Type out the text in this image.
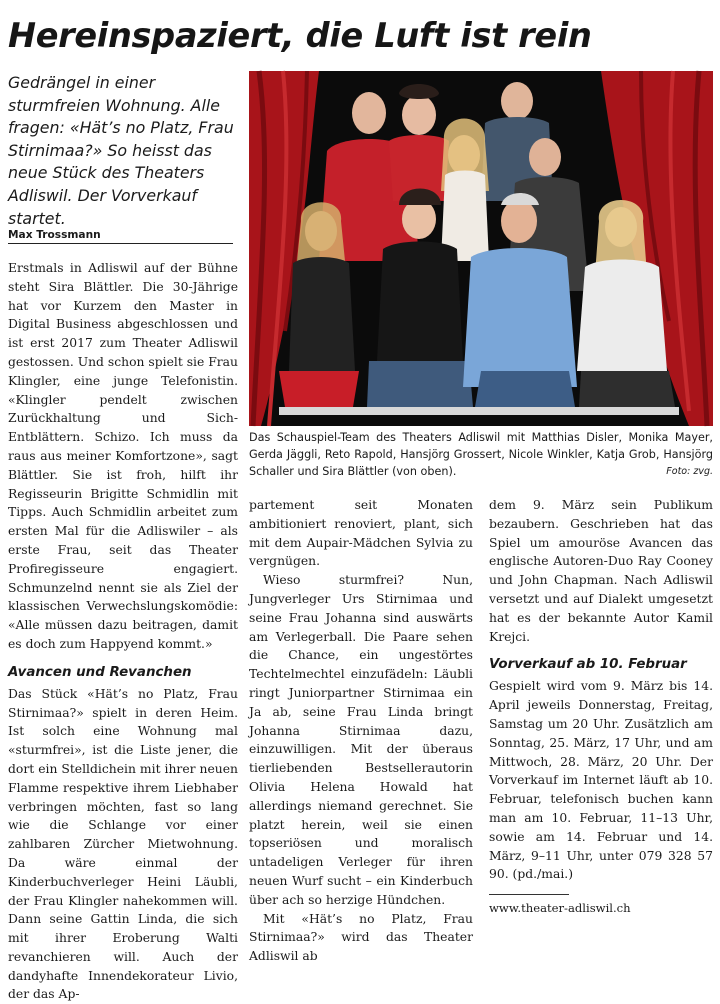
Hereinspaziert, die Luft ist rein
Gedrängel in einer sturmfreien Wohnung. Alle fragen: «Hät’s no Platz, Frau Stirnimaa?» So heisst das neue Stück des Theaters Adliswil. Der Vorverkauf startet.
Max Trossmann
Das Schauspiel-Team des Theaters Adliswil mit Matthias Disler, Monika Mayer, Gerda Jäggli, Reto Rapold, Hansjörg Grossert, Nicole Winkler, Katja Grob, Hansjörg Schaller und Sira Blättler (von oben).	Foto: zvg.

Erstmals in Adliswil auf der Bühne steht Sira Blättler. Die 30-Jährige hat vor Kurzem den Master in Digital Business abgeschlossen und ist erst 2017 zum Theater Adliswil gestossen. Und schon spielt sie Frau Klingler, eine junge Telefonistin. «Klingler pendelt zwischen Zurückhaltung und Sich-Entblättern. Schizo. Ich muss da raus aus meiner Komfortzone», sagt Blättler. Sie ist froh, hilft ihr Regisseurin Brigitte Schmidlin mit Tipps. Auch Schmidlin arbeitet zum ersten Mal für die Adliswiler – als erste Frau, seit das Theater Profiregisseure engagiert. Schmunzelnd nennt sie als Ziel der klassischen Verwechslungskomödie: «Alle müssen dazu beitragen, damit es doch zum Happyend kommt.»

Avancen und Revanchen

Das Stück «Hät’s no Platz, Frau Stirnimaa?» spielt in deren Heim. Ist solch eine Wohnung mal «sturmfrei», ist die Liste jener, die dort ein Stelldichein mit ihrer neuen Flamme respektive ihrem Liebhaber verbringen möchten, fast so lang wie die Schlange vor einer zahlbaren Zürcher Mietwohnung. Da wäre einmal der Kinderbuchverleger Heini Läubli, der Frau Klingler nahekommen will. Dann seine Gattin Linda, die sich mit ihrer Eroberung Walti revanchieren will. Auch der dandyhafte Innendekorateur Livio, der das Ap-

partement seit Monaten ambitioniert renoviert, plant, sich mit dem Aupair-Mädchen Sylvia zu vergnügen.

Wieso sturmfrei? Nun, Jungverleger Urs Stirnimaa und seine Frau Johanna sind auswärts am Verlegerball. Die Paare sehen die Chance, ein ungestörtes Techtelmechtel einzufädeln: Läubli ringt Juniorpartner Stirnimaa ein Ja ab, seine Frau Linda bringt Johanna Stirnimaa dazu, einzuwilligen. Mit der überaus tierliebenden Bestsellerautorin Olivia Helena Howald hat allerdings niemand gerechnet. Sie platzt herein, weil sie einen topseriösen und moralisch untadeligen Verleger für ihren neuen Wurf sucht – ein Kinderbuch über ach so herzige Hündchen.

Mit «Hät’s no Platz, Frau Stirnimaa?» wird das Theater Adliswil ab

dem 9. März sein Publikum bezaubern. Geschrieben hat das Spiel um amouröse Avancen das englische Autoren-Duo Ray Cooney und John Chapman. Nach Adliswil versetzt und auf Dialekt umgesetzt hat es der bekannte Autor Kamil Krejci.

Vorverkauf ab 10. Februar

Gespielt wird vom 9. März bis 14. April jeweils Donnerstag, Freitag, Samstag um 20 Uhr. Zusätzlich am Sonntag, 25. März, 17 Uhr, und am Mittwoch, 28. März, 20 Uhr. Der Vorverkauf im Internet läuft ab 10. Februar, telefonisch buchen kann man am 10. Februar, 11–13 Uhr, sowie am 14. Februar und 14. März, 9–11 Uhr, unter 079 328 57 90. (pd./mai.)

www.theater-adliswil.ch
